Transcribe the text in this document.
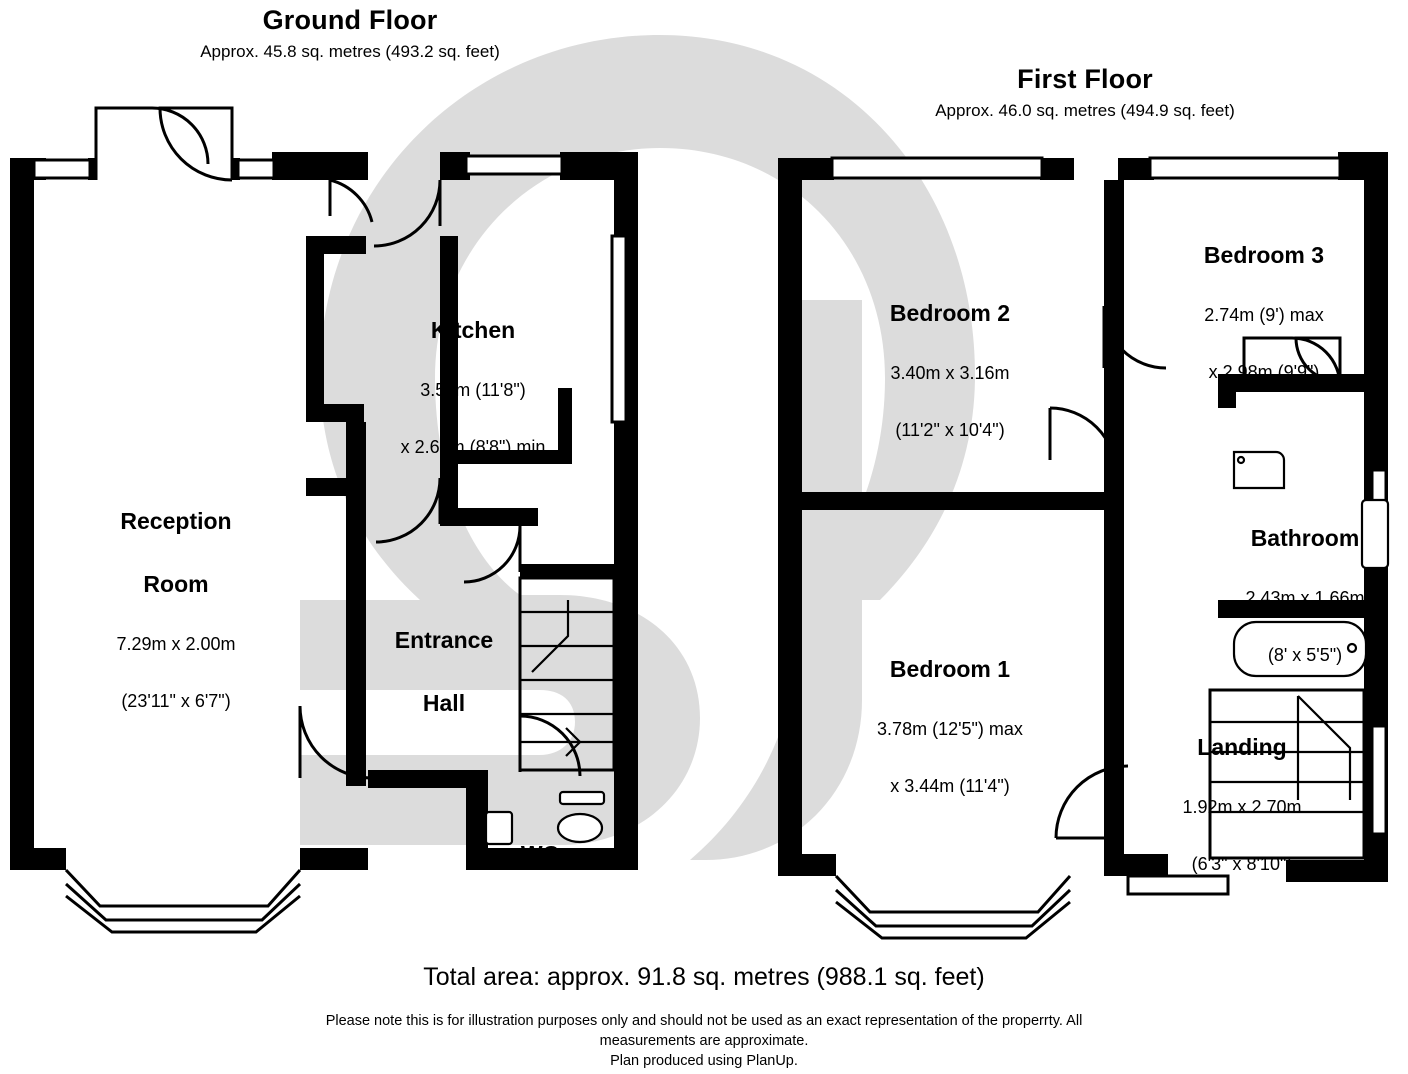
Ground Floor
Approx. 45.8 sq. metres (493.2 sq. feet)
First Floor
Approx. 46.0 sq. metres (494.9 sq. feet)

Kitchen

3.56m (11'8")

x 2.65m (8'8") min

Reception

Room

7.29m x 2.00m

(23'11" x 6'7")

Entrance

Hall

WC

Bedroom 2

3.40m x 3.16m

(11'2" x 10'4")

Bedroom 3

2.74m (9') max

x 2.98m (9'9")

Bedroom 1

3.78m (12'5") max

x 3.44m (11'4")

Bathroom

2.43m x 1.66m

(8' x 5'5")

Landing

1.92m x 2.70m

(6'3" x 8'10")

Total area: approx. 91.8 sq. metres (988.1 sq. feet)
Please note this is for illustration purposes only and should not be used as an exact representation of the properrty. All
measurements are approximate.
Plan produced using PlanUp.
